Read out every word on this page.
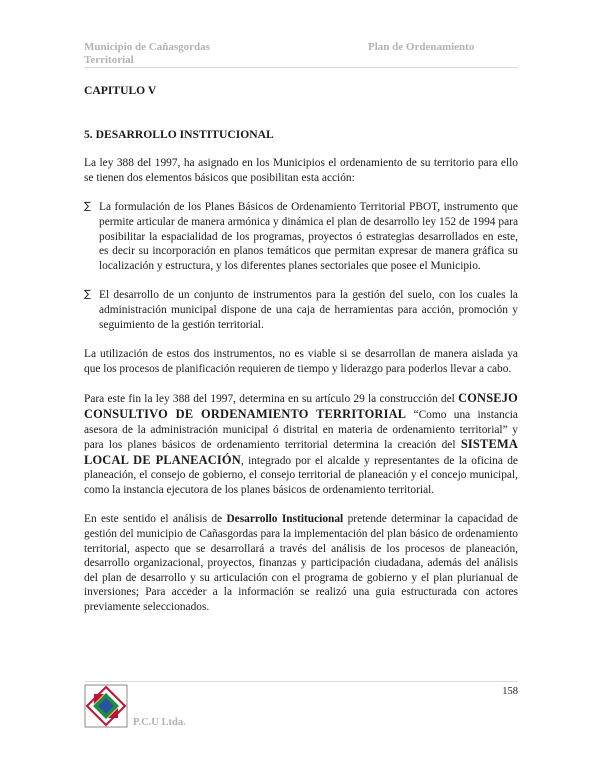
Municipio de Cañasgordas
Territorial
Plan de Ordenamiento

CAPITULO V

5. DESARROLLO INSTITUCIONAL

La ley 388 del 1997, ha asignado en los Municipios el ordenamiento de su territorio para ello se tienen dos elementos básicos que posibilitan esta acción:

∑ La formulación de los Planes Básicos de Ordenamiento Territorial PBOT, instrumento que permite articular de manera armónica y dinámica el plan de desarrollo ley 152 de 1994 para posibilitar la espacialidad de los programas, proyectos ó estrategias desarrollados en este, es decir su incorporación en planos temáticos que permitan expresar de manera gráfica su localización y estructura, y los diferentes planes sectoriales que posee el Municipio.
∑ El desarrollo de un conjunto de instrumentos para la gestión del suelo, con los cuales la administración municipal dispone de una caja de herramientas para acción, promoción y seguimiento de la gestión territorial.

La utilización de estos dos instrumentos, no es viable si se desarrollan de manera aislada ya que los procesos de planificación requieren de tiempo y liderazgo para poderlos llevar a cabo.

Para este fin la ley 388 del 1997, determina en su artículo 29 la construcción del CONSEJO CONSULTIVO DE ORDENAMIENTO TERRITORIAL “Como una instancia asesora de la administración municipal ó distrital en materia de ordenamiento territorial” y para los planes básicos de ordenamiento territorial determina la creación del SISTEMA LOCAL DE PLANEACIÓN, integrado por el alcalde y representantes de la oficina de planeación, el consejo de gobierno, el consejo territorial de planeación y el concejo municipal, como la instancia ejecutora de los planes básicos de ordenamiento territorial.

En este sentido el análisis de Desarrollo Institucional pretende determinar la capacidad de gestión del municipio de Cañasgordas para la implementación del plan básico de ordenamiento territorial, aspecto que se desarrollará a través del análisis de los procesos de planeación, desarrollo organizacional, proyectos, finanzas y participación ciudadana, además del análisis del plan de desarrollo y su articulación con el programa de gobierno y el plan plurianual de inversiones; Para acceder a la información se realizó una guia estructurada con actores previamente seleccionados.

158
P.C.U Ltda.
